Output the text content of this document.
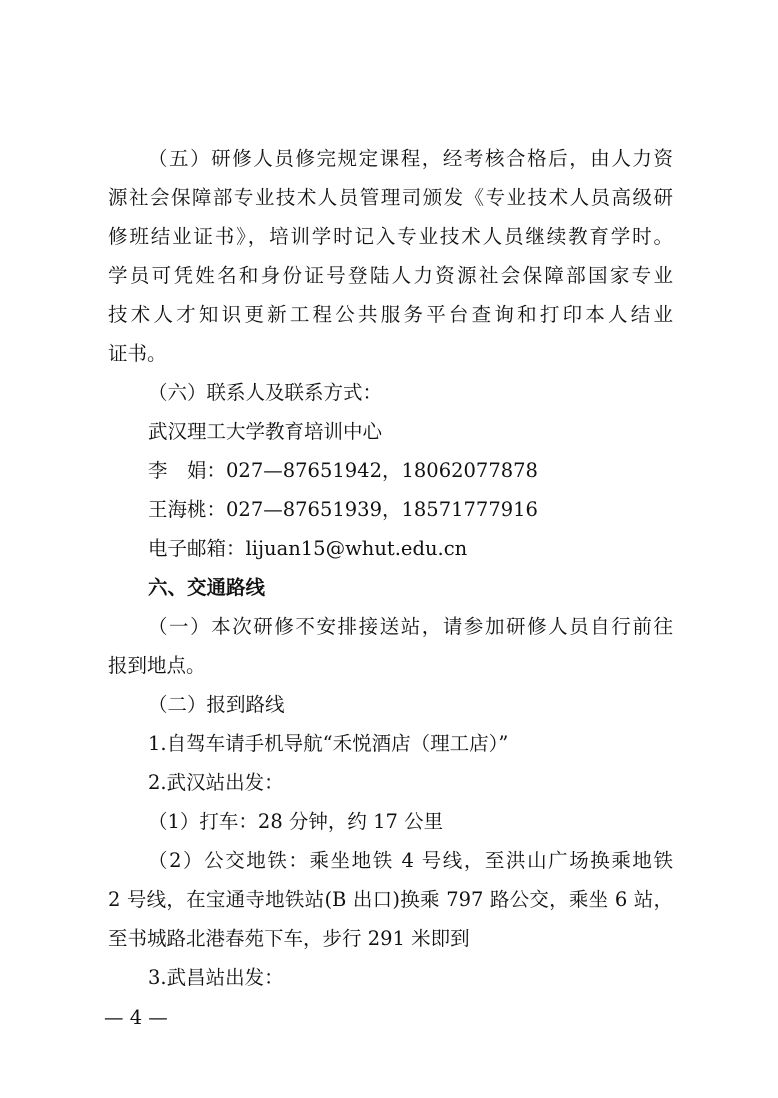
（五）研修人员修完规定课程，经考核合格后，由人力资
源社会保障部专业技术人员管理司颁发《专业技术人员高级研
修班结业证书》，培训学时记入专业技术人员继续教育学时。
学员可凭姓名和身份证号登陆人力资源社会保障部国家专业
技术人才知识更新工程公共服务平台查询和打印本人结业
证书。
（六）联系人及联系方式：
武汉理工大学教育培训中心
李　娟：027—87651942，18062077878
王海桃：027—87651939，18571777916
电子邮箱：lijuan15@whut.edu.cn
六、交通路线
（一）本次研修不安排接送站，请参加研修人员自行前往
报到地点。
（二）报到路线
1.自驾车请手机导航“禾悦酒店（理工店）”
2.武汉站出发：
（1）打车：28 分钟，约 17 公里
（2）公交地铁：乘坐地铁 4 号线，至洪山广场换乘地铁
2 号线，在宝通寺地铁站(B 出口)换乘 797 路公交，乘坐 6 站，
至书城路北港春苑下车，步行 291 米即到
3.武昌站出发：
— 4 —
